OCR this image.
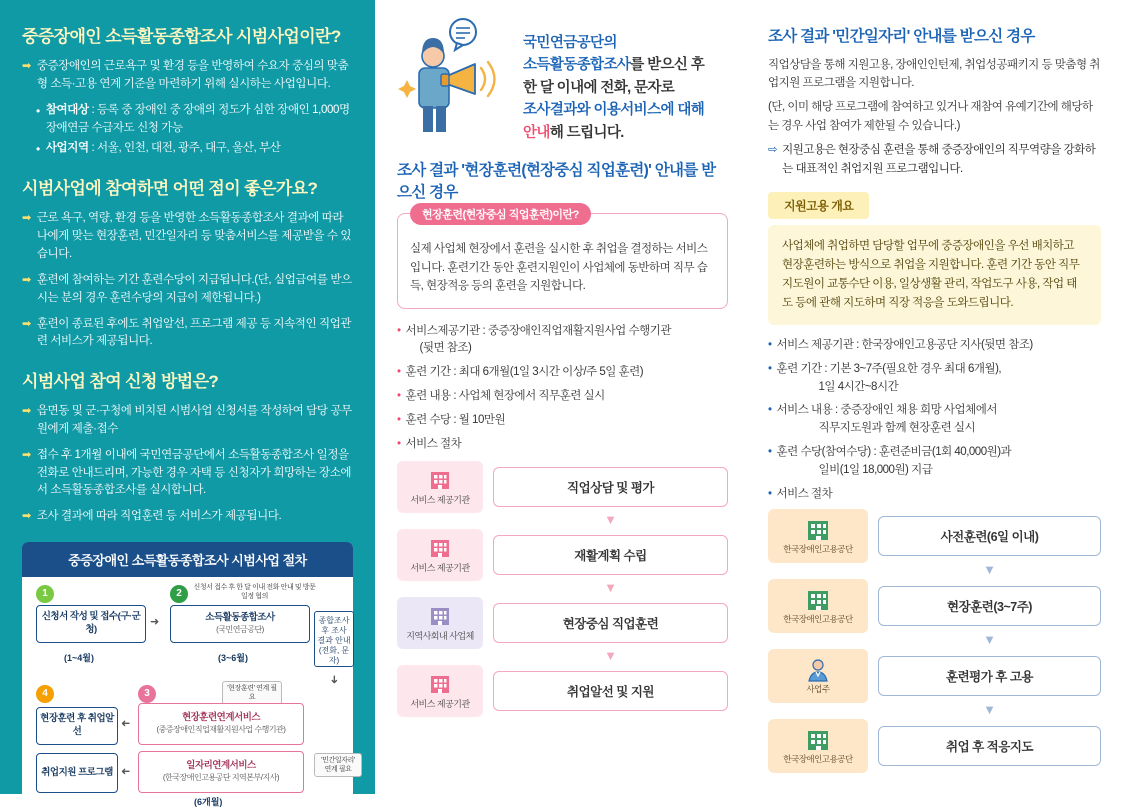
중증장애인 소득활동종합조사 시범사업이란?
➡ 중증장애인의 근로욕구 및 환경 등을 반영하여 수요자 중심의 맞춤형 소득·고용 연계 기준을 마련하기 위해 실시하는 사업입니다.
• 참여대상 : 등록 중 장애인 중 장애의 정도가 심한 장애인 1,000명 장애연금 수급자도 신청 가능
• 사업지역 : 서울, 인천, 대전, 광주, 대구, 울산, 부산
시범사업에 참여하면 어떤 점이 좋은가요?
➡ 근로 욕구, 역량, 환경 등을 반영한 소득활동종합조사 결과에 따라 나에게 맞는 현장훈련, 민간일자리 등 맞춤서비스를 제공받을 수 있습니다.
➡ 훈련에 참여하는 기간 훈련수당이 지급됩니다.(단, 실업급여를 받으시는 분의 경우 훈련수당의 지급이 제한됩니다.)
➡ 훈련이 종료된 후에도 취업알선, 프로그램 제공 등 지속적인 직업관련 서비스가 제공됩니다.
시범사업 참여 신청 방법은?
➡ 읍면동 및 군·구청에 비치된 시범사업 신청서를 작성하여 담당 공무원에게 제출·접수
➡ 접수 후 1개월 이내에 국민연금공단에서 소득활동종합조사 일정을 전화로 안내드리며, 가능한 경우 자택 등 신청자가 희망하는 장소에서 소득활동종합조사를 실시합니다.
➡ 조사 결과에 따라 직업훈련 등 서비스가 제공됩니다.
중증장애인 소득활동종합조사 시범사업 절차
1
신청서 작성 및 접수(구·군청)
(1~4월)
➜
2
신청서 접수 후 한 달 이내 전화 안내 및 방문일정 협의
소득활동종합조사
(국민연금공단)
(3~6월)
종합조사 후 조사 결과 안내 (전화, 문자)
➜
4	3	'현장훈련' 연계 필요
현장훈련 후 취업알선
현장훈련연계서비스
(중증장애인직업재활지원사업 수행기관)
➜
취업지원 프로그램
일자리연계서비스
(한국장애인고용공단 지역본부/지사)
➜
'민간일자리' 연계 필요
(6개월)
국민연금공단의
소득활동종합조사를 받으신 후
한 달 이내에 전화, 문자로
조사결과와 이용서비스에 대해
안내해 드립니다.
조사 결과 '현장훈련(현장중심 직업훈련)' 안내를 받으신 경우
현장훈련(현장중심 직업훈련)이란?

실제 사업체 현장에서 훈련을 실시한 후 취업을 결정하는 서비스입니다. 훈련기간 동안 훈련지원인이 사업체에 동반하며 직무 습득, 현장적응 등의 훈련을 지원합니다.

• 서비스제공기관 : 중증장애인직업재활지원사업 수행기관
(뒷면 참조)
• 훈련 기간 : 최대 6개월(1일 3시간 이상/주 5일 훈련)
• 훈련 내용 : 사업체 현장에서 직무훈련 실시
• 훈련 수당 : 월 10만원
• 서비스 절차
서비스 제공기관
직업상담 및 평가
▼
서비스 제공기관
재활계획 수립
▼
지역사회내 사업체
현장중심 직업훈련
▼
서비스 제공기관
취업알선 및 지원
조사 결과 '민간일자리' 안내를 받으신 경우

직업상담을 통해 지원고용, 장애인인턴제, 취업성공패키지 등 맞춤형 취업지원 프로그램을 지원합니다.

(단, 이미 해당 프로그램에 참여하고 있거나 재참여 유예기간에 해당하는 경우 사업 참여가 제한될 수 있습니다.)

⇨ 지원고용은 현장중심 훈련을 통해 중증장애인의 직무역량을 강화하는 대표적인 취업지원 프로그램입니다.
지원고용 개요
사업체에 취업하면 담당할 업무에 중증장애인을 우선 배치하고 현장훈련하는 방식으로 취업을 지원합니다. 훈련 기간 동안 직무지도원이 교통수단 이용, 일상생활 관리, 작업도구 사용, 작업 태도 등에 관해 지도하며 직장 적응을 도와드립니다.
• 서비스 제공기관 : 한국장애인고용공단 지사(뒷면 참조)
• 훈련 기간 : 기본 3~7주(필요한 경우 최대 6개월),
1일 4시간~8시간
• 서비스 내용 : 중증장애인 채용 희망 사업체에서
직무지도원과 함께 현장훈련 실시
• 훈련 수당(참여수당) : 훈련준비금(1회 40,000원)과
일비(1일 18,000원) 지급
• 서비스 절차
한국장애인고용공단
사전훈련(6일 이내)
▼
한국장애인고용공단
현장훈련(3~7주)
▼
사업주
훈련평가 후 고용
▼
한국장애인고용공단
취업 후 적응지도
